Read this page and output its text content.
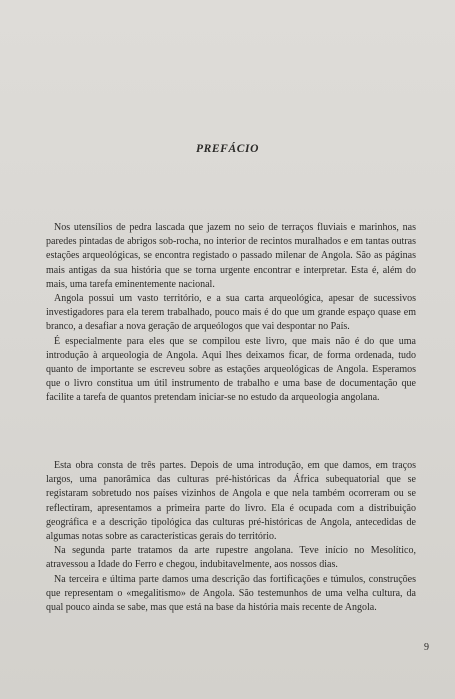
PREFÁCIO

Nos utensílios de pedra lascada que jazem no seio de terraços fluviais e marinhos, nas paredes pintadas de abrigos sob-rocha, no interior de recintos muralhados e em tantas outras estações arqueológicas, se encontra registado o passado milenar de Angola. São as páginas mais antigas da sua história que se torna urgente encontrar e interpretar. Esta é, além do mais, uma tarefa eminentemente nacional.

Angola possui um vasto território, e a sua carta arqueológica, apesar de sucessivos investigadores para ela terem trabalhado, pouco mais é do que um grande espaço quase em branco, a desafiar a nova geração de arqueólogos que vai despontar no País.

É especialmente para eles que se compilou este livro, que mais não é do que uma introdução à arqueologia de Angola. Aqui lhes deixamos ficar, de forma ordenada, tudo quanto de importante se escreveu sobre as estações arqueológicas de Angola. Esperamos que o livro constitua um útil instrumento de trabalho e uma base de documentação que facilite a tarefa de quantos pretendam iniciar-se no estudo da arqueologia angolana.

Esta obra consta de três partes. Depois de uma introdução, em que damos, em traços largos, uma panorâmica das culturas pré-históricas da África subequatorial que se registaram sobretudo nos países vizinhos de Angola e que nela também ocorreram ou se reflectiram, apresentamos a primeira parte do livro. Ela é ocupada com a distribuição geográfica e a descrição tipológica das culturas pré-históricas de Angola, antecedidas de algumas notas sobre as características gerais do território.

Na segunda parte tratamos da arte rupestre angolana. Teve início no Mesolítico, atravessou a Idade do Ferro e chegou, indubitavelmente, aos nossos dias.

Na terceira e última parte damos uma descrição das fortificações e túmulos, construções que representam o «megalitismo» de Angola. São testemunhos de uma velha cultura, da qual pouco ainda se sabe, mas que está na base da história mais recente de Angola.

9
